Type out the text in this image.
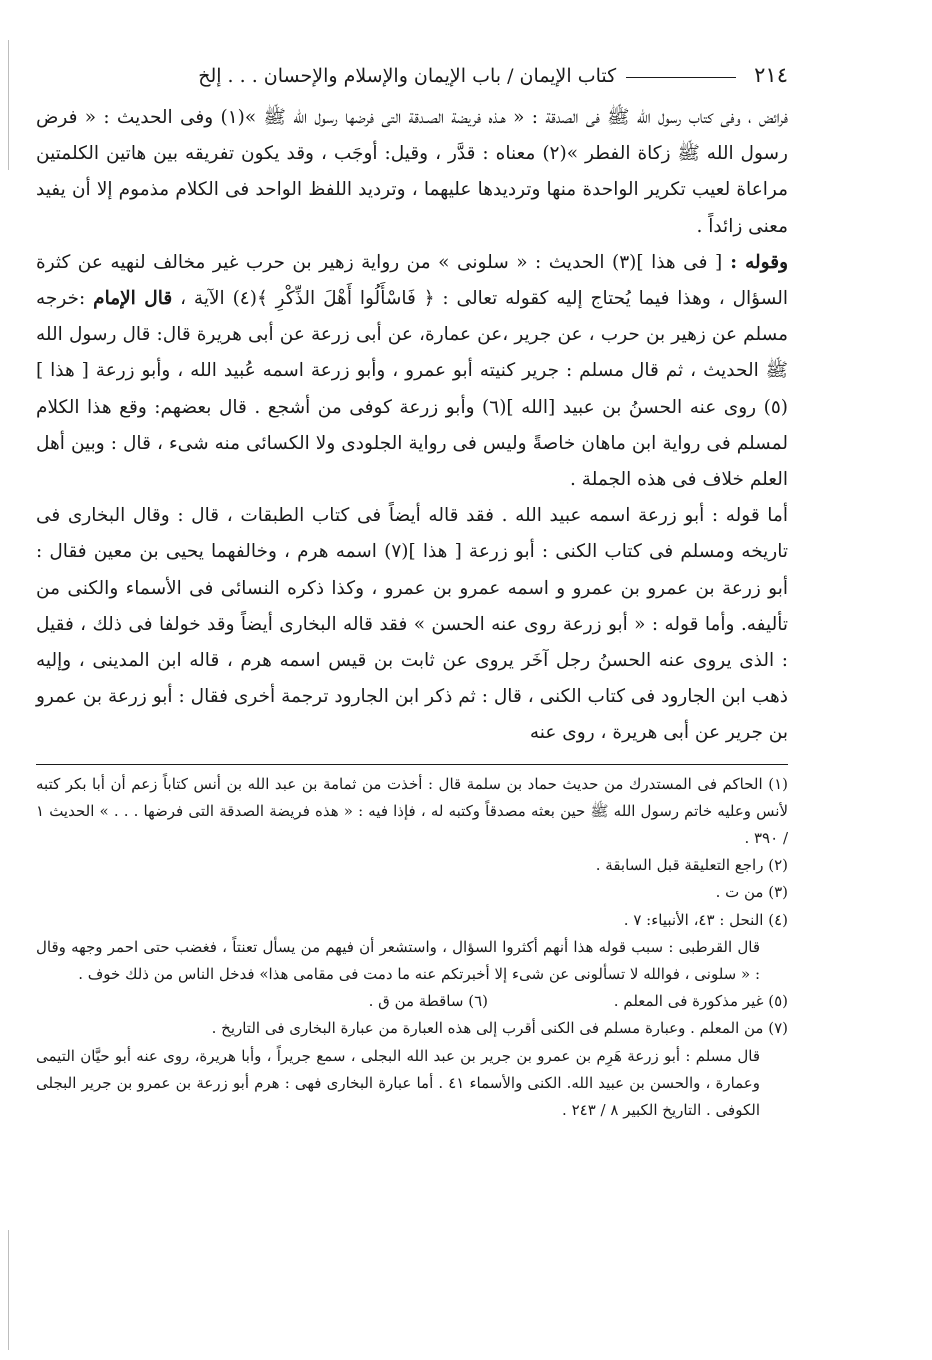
٢١٤
كتاب الإيمان / باب الإيمان والإسلام والإحسان . . . إلخ

فرائض ، وفى كتاب رسول الله ﷺ فى الصدقة : « هـذه فريضة الصـدقة التى فرضها رسول الله ﷺ »(١) وفى الحديث : « فرض رسول الله ﷺ زكاة الفطر »(٢) معناه : قدَّر ، وقيل: أوجَب ، وقد يكون تفريقه بين هاتين الكلمتين مراعاة لعيب تكرير الواحدة منها وترديدها عليهما ، وترديد اللفظ الواحد فى الكلام مذموم إلا أن يفيد معنى زائداً .

وقوله : [ فى هذا ](٣) الحديث : « سلونى » من رواية زهير بن حرب غير مخالف لنهيه عن كثرة السؤال ، وهذا فيما يُحتاج إليه كقوله تعالى : ﴿ فَاسْأَلُوا أَهْلَ الذِّكْرِ ﴾(٤) الآية ، قال الإمام :خرجه مسلم عن زهير بن حرب ، عن جرير ،عن عمارة، عن أبى زرعة عن أبى هريرة قال: قال رسول الله ﷺ الحديث ، ثم قال مسلم : جرير كنيته أبو عمرو ، وأبو زرعة اسمه عُبيد الله ، وأبو زرعة [ هذا ](٥) روى عنه الحسنُ بن عبيد [الله ](٦) وأبو زرعة كوفى من أشجع . قال بعضهم: وقع هذا الكلام لمسلم فى رواية ابن ماهان خاصةً وليس فى رواية الجلودى ولا الكسائى منه شىء ، قال : وبين أهل العلم خلاف فى هذه الجملة .

أما قوله : أبو زرعة اسمه عبيد الله . فقد قاله أيضاً فى كتاب الطبقات ، قال : وقال البخارى فى تاريخه ومسلم فى كتاب الكنى : أبو زرعة [ هذا ](٧) اسمه هرم ، وخالفهما يحيى بن معين فقال : أبو زرعة بن عمرو بن عمرو و اسمه عمرو بن عمرو ، وكذا ذكره النسائى فى الأسماء والكنى من تأليفه. وأما قوله : « أبو زرعة روى عنه الحسن » فقد قاله البخارى أيضاً وقد خولفا فى ذلك ، فقيل : الذى يروى عنه الحسنُ رجل آخَر يروى عن ثابت بن قيس اسمه هرم ، قاله ابن المدينى ، وإليه ذهب ابن الجارود فى كتاب الكنى ، قال : ثم ذكر ابن الجارود ترجمة أخرى فقال : أبو زرعة بن عمرو بن جرير عن أبى هريرة ، روى عنه

(١) الحاكم فى المستدرك من حديث حماد بن سلمة قال : أخذت من ثمامة بن عبد الله بن أنس كتاباً زعم أن أبا بكر كتبه لأنس وعليه خاتم رسول الله ﷺ حين بعثه مصدقاً وكتبه له ، فإذا فيه : « هذه فريضة الصدقة التى فرضها . . . » الحديث ١ / ٣٩٠ .

(٢) راجع التعليقة قبل السابقة .

(٣) من ت .

(٤) النحل : ٤٣، الأنبياء: ٧ .

قال القرطبى : سبب قوله هذا أنهم أكثروا السؤال ، واستشعر أن فيهم من يسأل تعنتاً ، فغضب حتى احمر وجهه وقال : « سلونى ، فوالله لا تسألونى عن شىء إلا أخبرتكم عنه ما دمت فى مقامى هذا» فدخل الناس من ذلك خوف .

(٥) غير مذكورة فى المعلم .
(٦) ساقطة من ق .

(٧) من المعلم . وعبارة مسلم فى الكنى أقرب إلى هذه العبارة من عبارة البخارى فى التاريخ .

قال مسلم : أبو زرعة هَرِم بن عمرو بن جرير بن عبد الله البجلى ، سمع جريراً ، وأبا هريرة، روى عنه أبو حيَّان التيمى وعمارة ، والحسن بن عبيد الله. الكنى والأسماء ٤١ . أما عبارة البخارى فهى : هرم أبو زرعة بن عمرو بن جرير البجلى الكوفى . التاريخ الكبير ٨ / ٢٤٣ .
